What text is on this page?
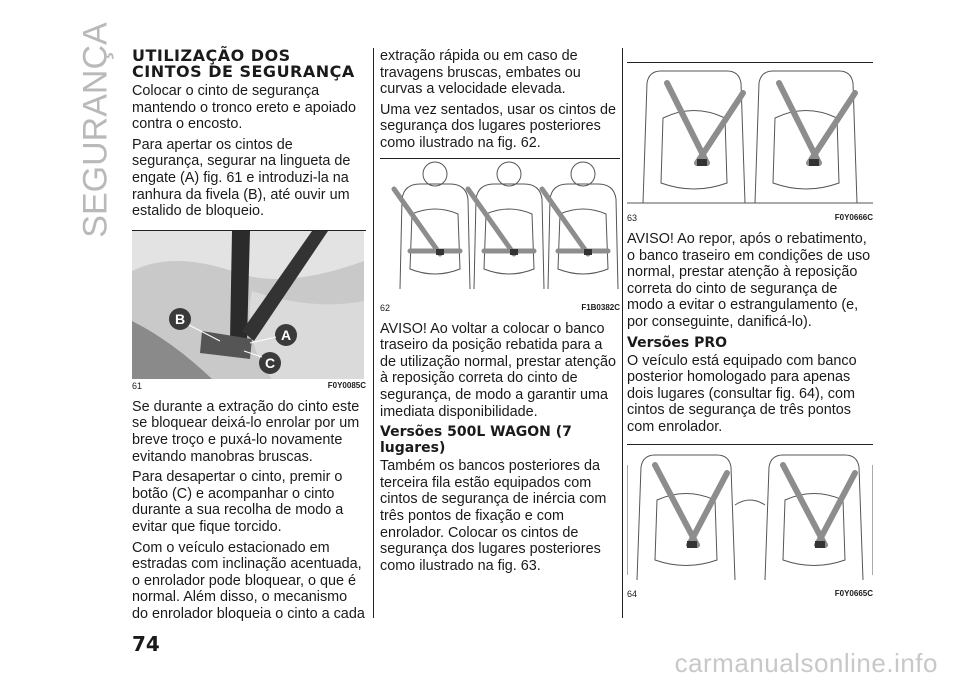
SEGURANÇA UTILIZAÇÃO DOS
CINTOS DE SEGURANÇA

Colocar o cinto de segurança mantendo o tronco ereto e apoiado contra o encosto.

Para apertar os cintos de segurança, segurar na lingueta de engate (A) fig. 61 e introduzi-la na ranhura da fivela (B), até ouvir um estalido de bloqueio.

B
A
C
61	F0Y0085C

Se durante a extração do cinto este se bloquear deixá-lo enrolar por um breve troço e puxá-lo novamente evitando manobras bruscas.

Para desapertar o cinto, premir o botão (C) e acompanhar o cinto durante a sua recolha de modo a evitar que fique torcido.

Com o veículo estacionado em estradas com inclinação acentuada, o enrolador pode bloquear, o que é normal. Além disso, o mecanismo do enrolador bloqueia o cinto a cada

extração rápida ou em caso de travagens bruscas, embates ou curvas a velocidade elevada.

Uma vez sentados, usar os cintos de segurança dos lugares posteriores como ilustrado na fig. 62.

62	F1B0382C

AVISO! Ao voltar a colocar o banco traseiro da posição rebatida para a de utilização normal, prestar atenção à reposição correta do cinto de segurança, de modo a garantir uma imediata disponibilidade.

Versões 500L WAGON (7 lugares)

Também os bancos posteriores da terceira fila estão equipados com cintos de segurança de inércia com três pontos de fixação e com enrolador. Colocar os cintos de segurança dos lugares posteriores como ilustrado na fig. 63.

63	F0Y0666C

AVISO! Ao repor, após o rebatimento, o banco traseiro em condições de uso normal, prestar atenção à reposição correta do cinto de segurança de modo a evitar o estrangulamento (e, por conseguinte, danificá-lo).

Versões PRO

O veículo está equipado com banco posterior homologado para apenas dois lugares (consultar fig. 64), com cintos de segurança de três pontos com enrolador.

64	F0Y0665C
74
carmanualsonline.info
